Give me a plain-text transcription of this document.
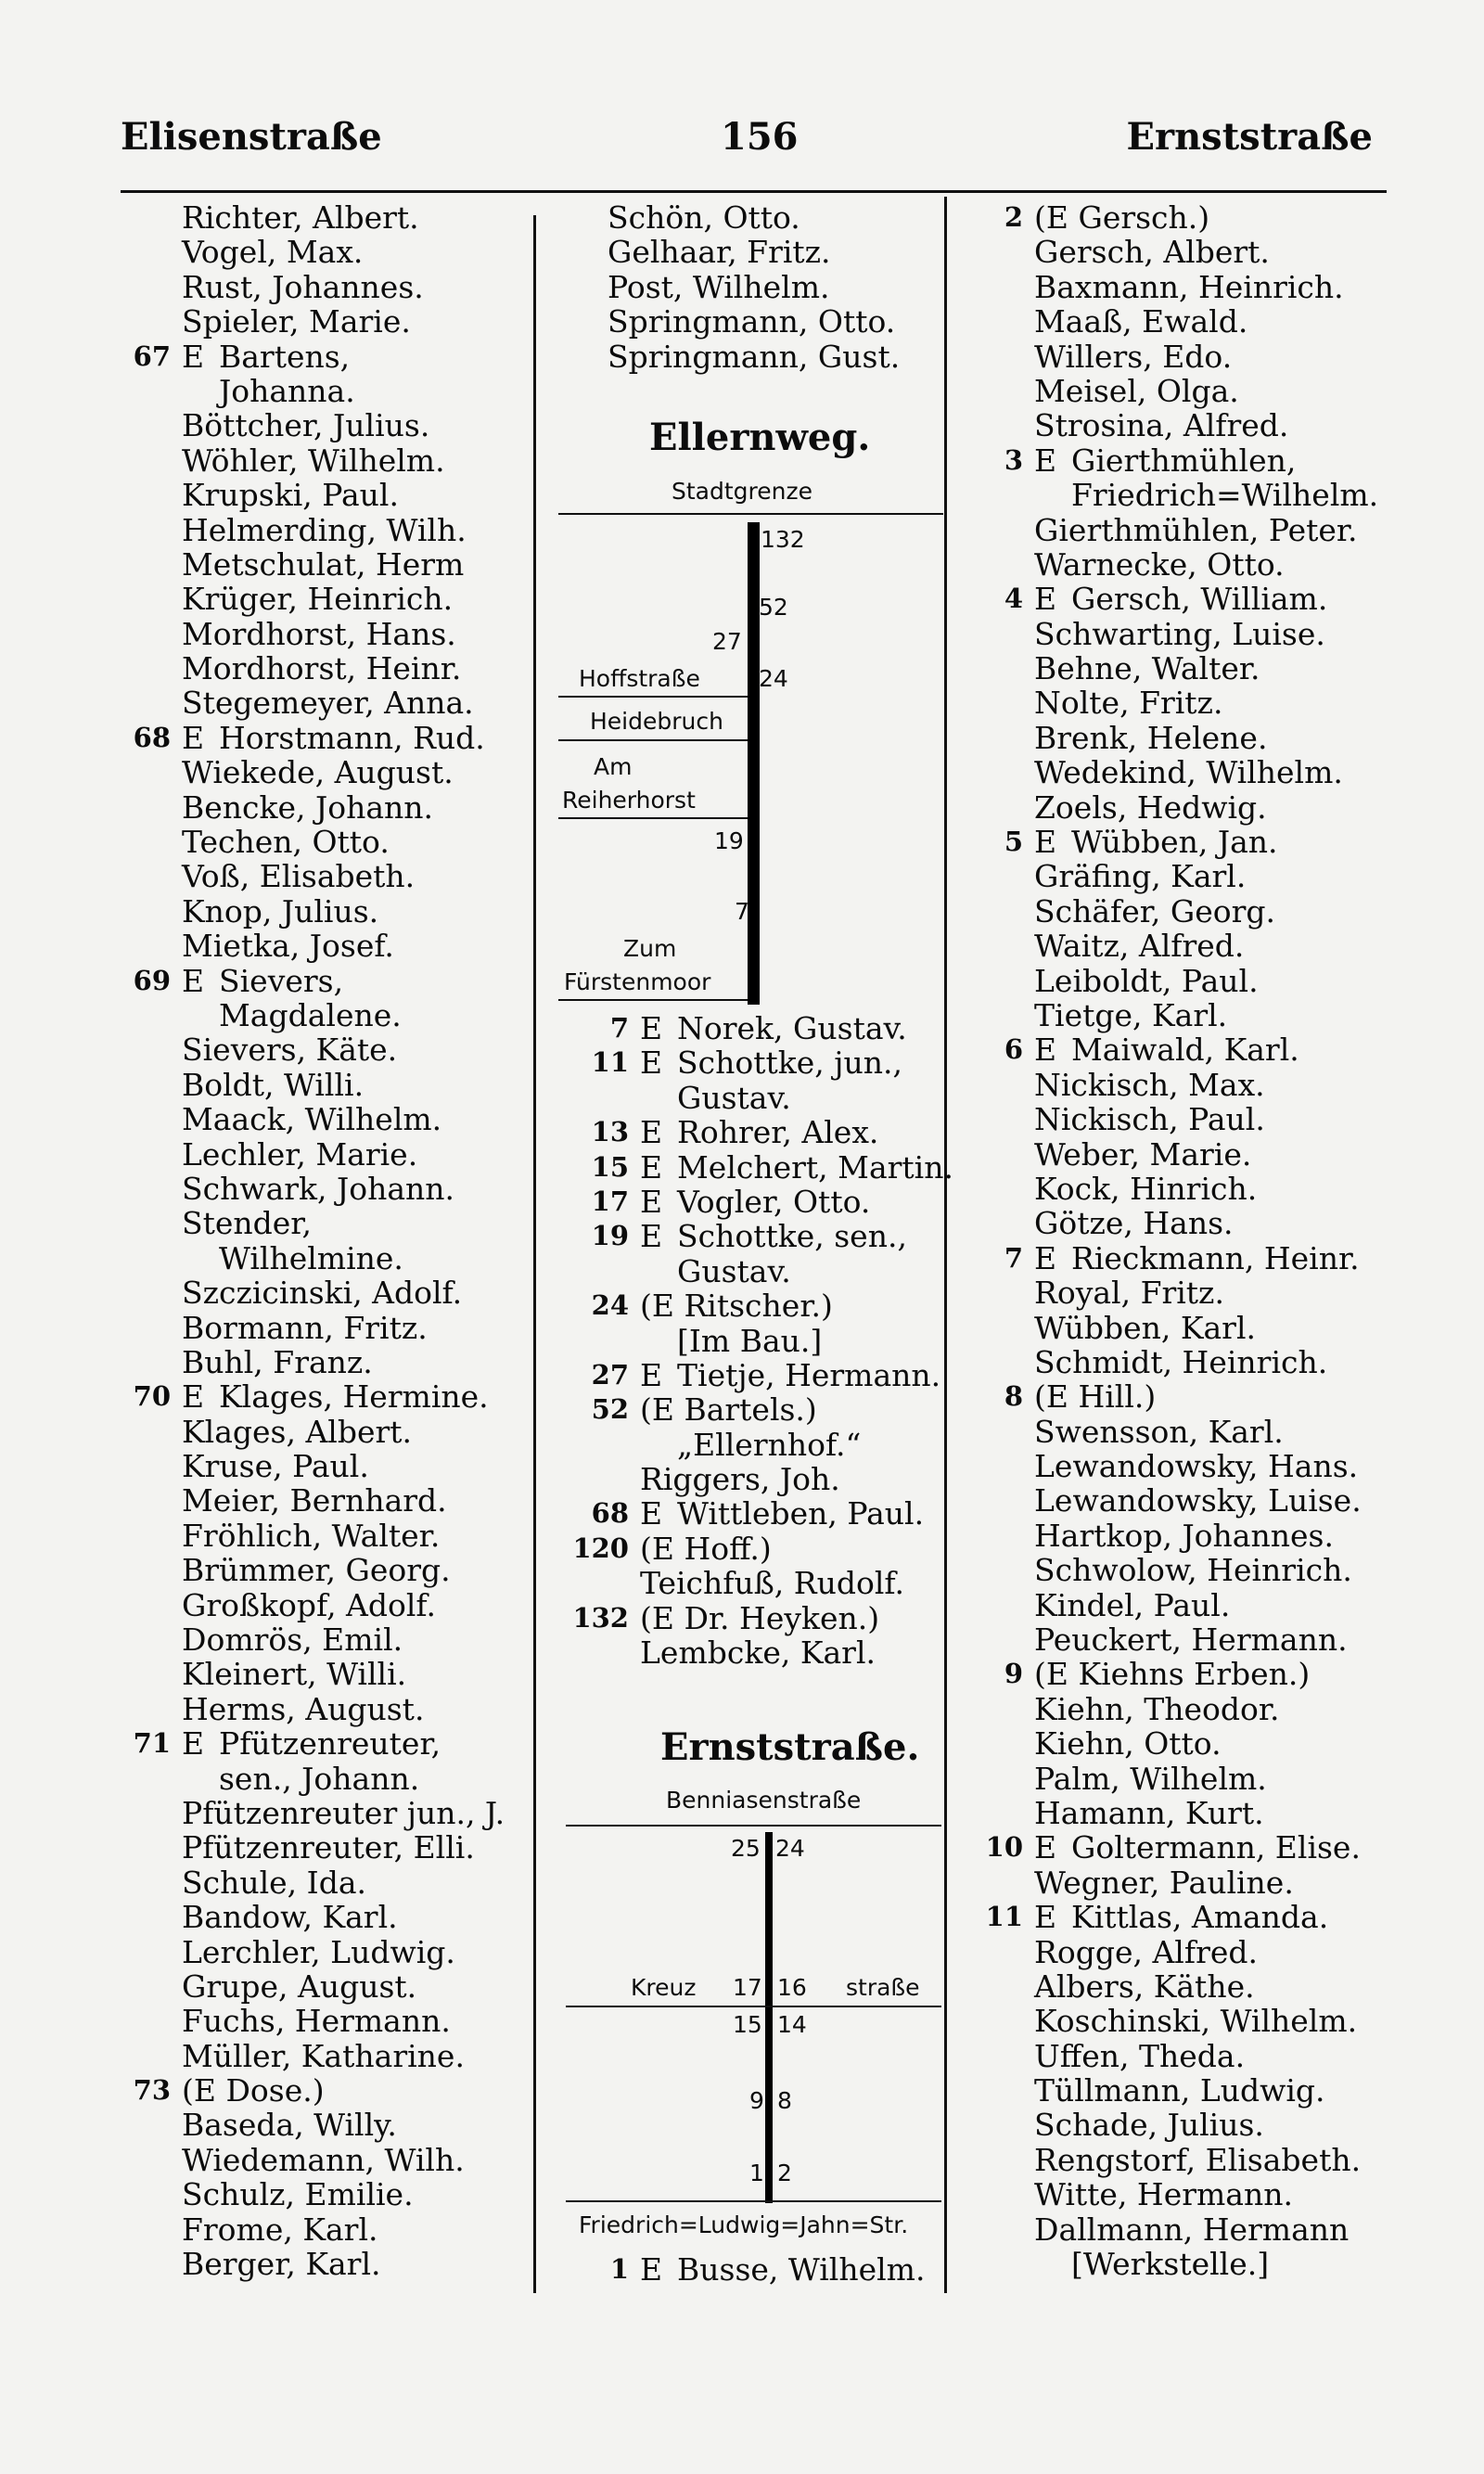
Elisenstraße	156	Ernststraße
Richter, Albert.
Vogel, Max.
Rust, Johannes.
Spieler, Marie.
67 E Bartens,
Johanna.
Böttcher, Julius.
Wöhler, Wilhelm.
Krupski, Paul.
Helmerding, Wilh.
Metschulat, Herm
Krüger, Heinrich.
Mordhorst, Hans.
Mordhorst, Heinr.
Stegemeyer, Anna.
68 E Horstmann, Rud.
Wiekede, August.
Bencke, Johann.
Techen, Otto.
Voß, Elisabeth.
Knop, Julius.
Mietka, Josef.
69 E Sievers,
Magdalene.
Sievers, Käte.
Boldt, Willi.
Maack, Wilhelm.
Lechler, Marie.
Schwark, Johann.
Stender,
Wilhelmine.
Szczicinski, Adolf.
Bormann, Fritz.
Buhl, Franz.
70 E Klages, Hermine.
Klages, Albert.
Kruse, Paul.
Meier, Bernhard.
Fröhlich, Walter.
Brümmer, Georg.
Großkopf, Adolf.
Domrös, Emil.
Kleinert, Willi.
Herms, August.
71 E Pfützenreuter,
sen., Johann.
Pfützenreuter jun., J.
Pfützenreuter, Elli.
Schule, Ida.
Bandow, Karl.
Lerchler, Ludwig.
Grupe, August.
Fuchs, Hermann.
Müller, Katharine.
73 (E Dose.)
Baseda, Willy.
Wiedemann, Wilh.
Schulz, Emilie.
Frome, Karl.
Berger, Karl.
Schön, Otto.
Gelhaar, Fritz.
Post, Wilhelm.
Springmann, Otto.
Springmann, Gust.
Ellernweg.
Stadtgrenze
132
52
27
24
19
7
Hoffstraße
Heidebruch
Am
Reiherhorst
Zum
Fürstenmoor
7 E Norek, Gustav.
11 E Schottke, jun.,
Gustav.
13 E Rohrer, Alex.
15 E Melchert, Martin.
17 E Vogler, Otto.
19 E Schottke, sen.,
Gustav.
24 (E Ritscher.)
[Im Bau.]
27 E Tietje, Hermann.
52 (E Bartels.)
„Ellernhof.“
Riggers, Joh.
68 E Wittleben, Paul.
120 (E Hoff.)
Teichfuß, Rudolf.
132 (E Dr. Heyken.)
Lembcke, Karl.
Ernststraße.
Benniasenstraße
25 24
Kreuz 17 16 straße
15 14
9 8
1 2
Friedrich=Ludwig=Jahn=Str.
1 E Busse, Wilhelm.
2 (E Gersch.)
Gersch, Albert.
Baxmann, Heinrich.
Maaß, Ewald.
Willers, Edo.
Meisel, Olga.
Strosina, Alfred.
3 E Gierthmühlen,
Friedrich=Wilhelm.
Gierthmühlen, Peter.
Warnecke, Otto.
4 E Gersch, William.
Schwarting, Luise.
Behne, Walter.
Nolte, Fritz.
Brenk, Helene.
Wedekind, Wilhelm.
Zoels, Hedwig.
5 E Wübben, Jan.
Gräfing, Karl.
Schäfer, Georg.
Waitz, Alfred.
Leiboldt, Paul.
Tietge, Karl.
6 E Maiwald, Karl.
Nickisch, Max.
Nickisch, Paul.
Weber, Marie.
Kock, Hinrich.
Götze, Hans.
7 E Rieckmann, Heinr.
Royal, Fritz.
Wübben, Karl.
Schmidt, Heinrich.
8 (E Hill.)
Swensson, Karl.
Lewandowsky, Hans.
Lewandowsky, Luise.
Hartkop, Johannes.
Schwolow, Heinrich.
Kindel, Paul.
Peuckert, Hermann.
9 (E Kiehns Erben.)
Kiehn, Theodor.
Kiehn, Otto.
Palm, Wilhelm.
Hamann, Kurt.
10 E Goltermann, Elise.
Wegner, Pauline.
11 E Kittlas, Amanda.
Rogge, Alfred.
Albers, Käthe.
Koschinski, Wilhelm.
Uffen, Theda.
Tüllmann, Ludwig.
Schade, Julius.
Rengstorf, Elisabeth.
Witte, Hermann.
Dallmann, Hermann
[Werkstelle.]
